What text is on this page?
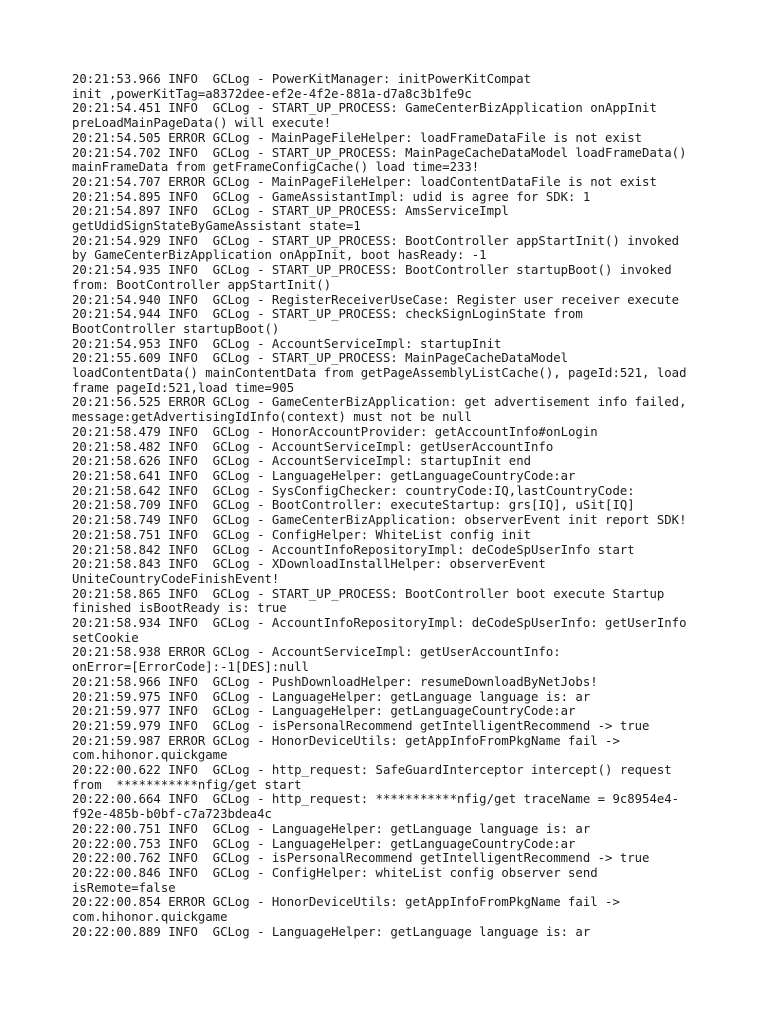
20:21:53.966 INFO  GCLog - PowerKitManager: initPowerKitCompat
init ,powerKitTag=a8372dee-ef2e-4f2e-881a-d7a8c3b1fe9c
20:21:54.451 INFO  GCLog - START_UP_PROCESS: GameCenterBizApplication onAppInit
preLoadMainPageData() will execute!
20:21:54.505 ERROR GCLog - MainPageFileHelper: loadFrameDataFile is not exist
20:21:54.702 INFO  GCLog - START_UP_PROCESS: MainPageCacheDataModel loadFrameData()
mainFrameData from getFrameConfigCache() load time=233!
20:21:54.707 ERROR GCLog - MainPageFileHelper: loadContentDataFile is not exist
20:21:54.895 INFO  GCLog - GameAssistantImpl: udid is agree for SDK: 1
20:21:54.897 INFO  GCLog - START_UP_PROCESS: AmsServiceImpl
getUdidSignStateByGameAssistant state=1
20:21:54.929 INFO  GCLog - START_UP_PROCESS: BootController appStartInit() invoked
by GameCenterBizApplication onAppInit, boot hasReady: -1
20:21:54.935 INFO  GCLog - START_UP_PROCESS: BootController startupBoot() invoked
from: BootController appStartInit()
20:21:54.940 INFO  GCLog - RegisterReceiverUseCase: Register user receiver execute
20:21:54.944 INFO  GCLog - START_UP_PROCESS: checkSignLoginState from
BootController startupBoot()
20:21:54.953 INFO  GCLog - AccountServiceImpl: startupInit
20:21:55.609 INFO  GCLog - START_UP_PROCESS: MainPageCacheDataModel
loadContentData() mainContentData from getPageAssemblyListCache(), pageId:521, load
frame pageId:521,load time=905
20:21:56.525 ERROR GCLog - GameCenterBizApplication: get advertisement info failed,
message:getAdvertisingIdInfo(context) must not be null
20:21:58.479 INFO  GCLog - HonorAccountProvider: getAccountInfo#onLogin
20:21:58.482 INFO  GCLog - AccountServiceImpl: getUserAccountInfo
20:21:58.626 INFO  GCLog - AccountServiceImpl: startupInit end
20:21:58.641 INFO  GCLog - LanguageHelper: getLanguageCountryCode:ar
20:21:58.642 INFO  GCLog - SysConfigChecker: countryCode:IQ,lastCountryCode:
20:21:58.709 INFO  GCLog - BootController: executeStartup: grs[IQ], uSit[IQ]
20:21:58.749 INFO  GCLog - GameCenterBizApplication: observerEvent init report SDK!
20:21:58.751 INFO  GCLog - ConfigHelper: WhiteList config init
20:21:58.842 INFO  GCLog - AccountInfoRepositoryImpl: deCodeSpUserInfo start
20:21:58.843 INFO  GCLog - XDownloadInstallHelper: observerEvent
UniteCountryCodeFinishEvent!
20:21:58.865 INFO  GCLog - START_UP_PROCESS: BootController boot execute Startup
finished isBootReady is: true
20:21:58.934 INFO  GCLog - AccountInfoRepositoryImpl: deCodeSpUserInfo: getUserInfo
setCookie
20:21:58.938 ERROR GCLog - AccountServiceImpl: getUserAccountInfo:
onError=[ErrorCode]:-1[DES]:null
20:21:58.966 INFO  GCLog - PushDownloadHelper: resumeDownloadByNetJobs!
20:21:59.975 INFO  GCLog - LanguageHelper: getLanguage language is: ar
20:21:59.977 INFO  GCLog - LanguageHelper: getLanguageCountryCode:ar
20:21:59.979 INFO  GCLog - isPersonalRecommend getIntelligentRecommend -> true
20:21:59.987 ERROR GCLog - HonorDeviceUtils: getAppInfoFromPkgName fail ->
com.hihonor.quickgame
20:22:00.622 INFO  GCLog - http_request: SafeGuardInterceptor intercept() request
from  ***********nfig/get start
20:22:00.664 INFO  GCLog - http_request: ***********nfig/get traceName = 9c8954e4-
f92e-485b-b0bf-c7a723bdea4c
20:22:00.751 INFO  GCLog - LanguageHelper: getLanguage language is: ar
20:22:00.753 INFO  GCLog - LanguageHelper: getLanguageCountryCode:ar
20:22:00.762 INFO  GCLog - isPersonalRecommend getIntelligentRecommend -> true
20:22:00.846 INFO  GCLog - ConfigHelper: whiteList config observer send
isRemote=false
20:22:00.854 ERROR GCLog - HonorDeviceUtils: getAppInfoFromPkgName fail ->
com.hihonor.quickgame
20:22:00.889 INFO  GCLog - LanguageHelper: getLanguage language is: ar
